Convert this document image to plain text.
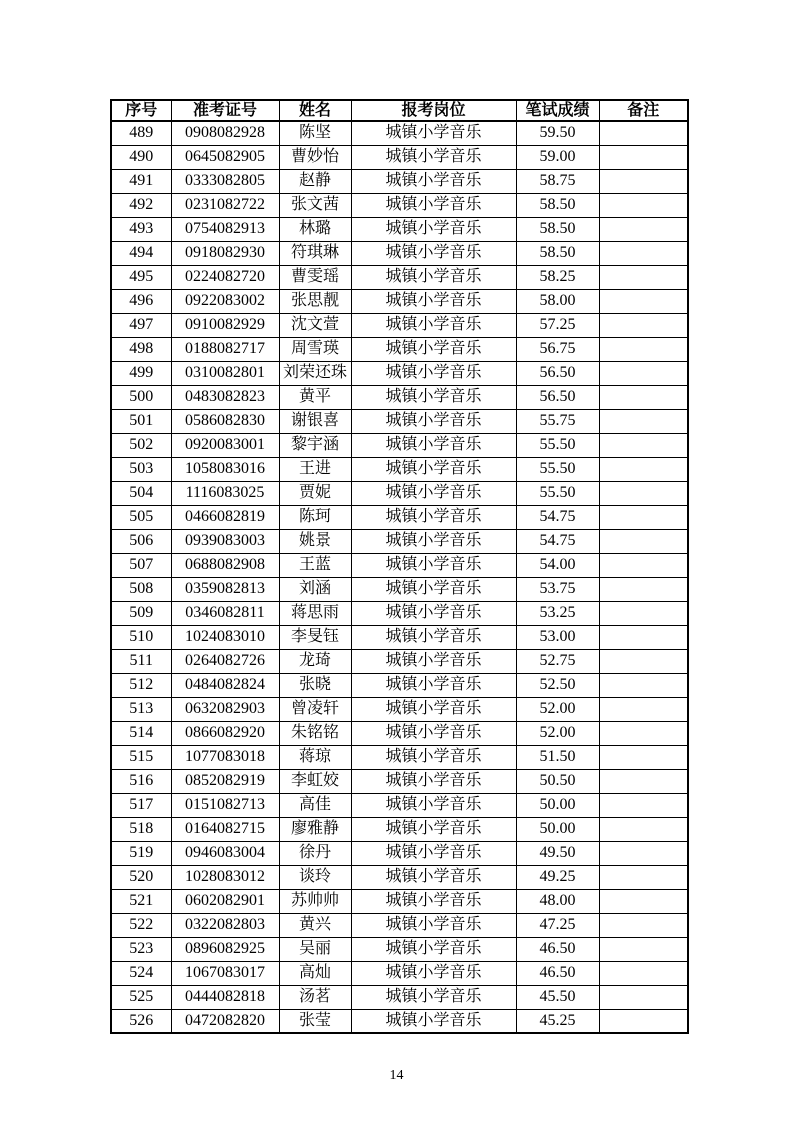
序号	准考证号	姓名	报考岗位	笔试成绩	备注
489	0908082928	陈坚	城镇小学音乐	59.50	
490	0645082905	曹妙怡	城镇小学音乐	59.00	
491	0333082805	赵静	城镇小学音乐	58.75	
492	0231082722	张文茜	城镇小学音乐	58.50	
493	0754082913	林璐	城镇小学音乐	58.50	
494	0918082930	符琪琳	城镇小学音乐	58.50	
495	0224082720	曹雯瑶	城镇小学音乐	58.25	
496	0922083002	张思靓	城镇小学音乐	58.00	
497	0910082929	沈文萱	城镇小学音乐	57.25	
498	0188082717	周雪瑛	城镇小学音乐	56.75	
499	0310082801	刘荣还珠	城镇小学音乐	56.50	
500	0483082823	黄平	城镇小学音乐	56.50	
501	0586082830	谢银喜	城镇小学音乐	55.75	
502	0920083001	黎宇涵	城镇小学音乐	55.50	
503	1058083016	王进	城镇小学音乐	55.50	
504	1116083025	贾妮	城镇小学音乐	55.50	
505	0466082819	陈珂	城镇小学音乐	54.75	
506	0939083003	姚景	城镇小学音乐	54.75	
507	0688082908	王蓝	城镇小学音乐	54.00	
508	0359082813	刘涵	城镇小学音乐	53.75	
509	0346082811	蒋思雨	城镇小学音乐	53.25	
510	1024083010	李旻钰	城镇小学音乐	53.00	
511	0264082726	龙琦	城镇小学音乐	52.75	
512	0484082824	张晓	城镇小学音乐	52.50	
513	0632082903	曾凌轩	城镇小学音乐	52.00	
514	0866082920	朱铭铭	城镇小学音乐	52.00	
515	1077083018	蒋琼	城镇小学音乐	51.50	
516	0852082919	李虹姣	城镇小学音乐	50.50	
517	0151082713	高佳	城镇小学音乐	50.00	
518	0164082715	廖雅静	城镇小学音乐	50.00	
519	0946083004	徐丹	城镇小学音乐	49.50	
520	1028083012	谈玲	城镇小学音乐	49.25	
521	0602082901	苏帅帅	城镇小学音乐	48.00	
522	0322082803	黄兴	城镇小学音乐	47.25	
523	0896082925	吴丽	城镇小学音乐	46.50	
524	1067083017	高灿	城镇小学音乐	46.50	
525	0444082818	汤茗	城镇小学音乐	45.50	
526	0472082820	张莹	城镇小学音乐	45.25	
14
